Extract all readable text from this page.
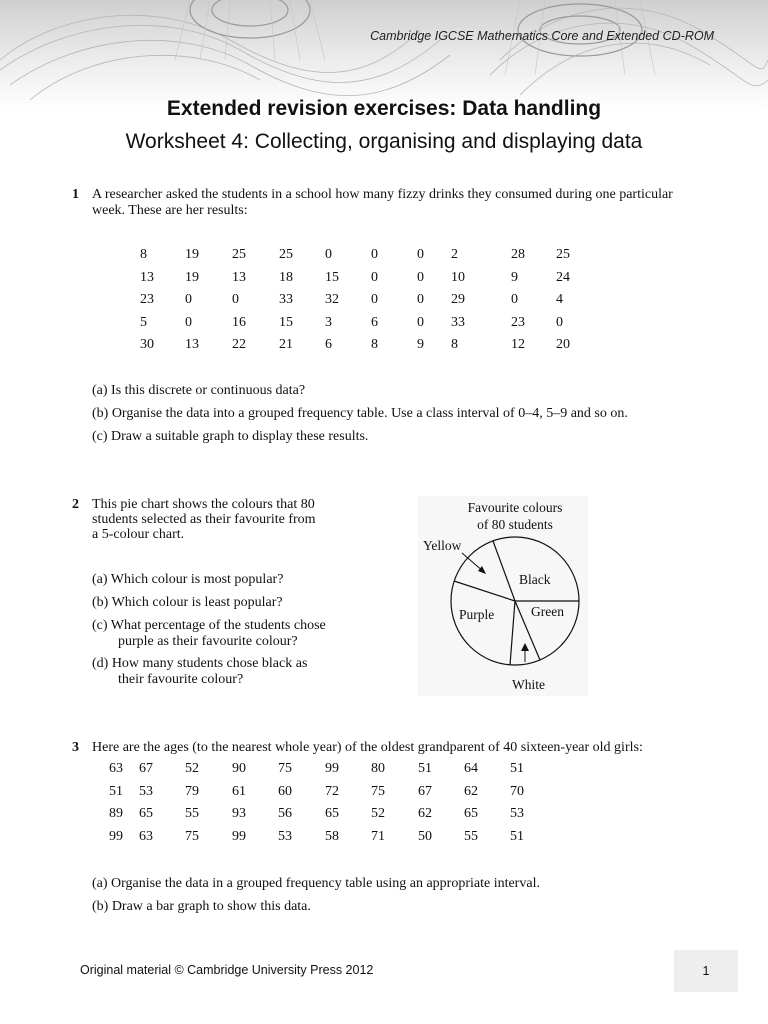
Cambridge IGCSE Mathematics Core and Extended CD-ROM
Extended revision exercises: Data handling
Worksheet 4: Collecting, organising and displaying data
1 A researcher asked the students in a school how many fizzy drinks they consumed during one particular week. These are her results:
8	19 25 25 0	0	0 2	28 25
13 19 13 18 15 0	0 10	9	24
23 0	0	33 32 0	0 29	0	4
5	0	16 15 3	6	0 33	23 0
30 13 22 21 6	8	9 8	12 20
(a) Is this discrete or continuous data?
(b) Organise the data into a grouped frequency table. Use a class interval of 0–4, 5–9 and so on.
(c) Draw a suitable graph to display these results.
2 This pie chart shows the colours that 80 students selected as their favourite from a 5-colour chart.
(a) Which colour is most popular?
(b) Which colour is least popular?
(c) What percentage of the students chose
purple as their favourite colour?
(d) How many students chose black as
their favourite colour?
Favourite colours
of 80 students
Yellow
Black
Green
Purple
White
3 Here are the ages (to the nearest whole year) of the oldest grandparent of 40 sixteen-year old girls:
63 67 52 90 75 99 80 51 64 51
51 53 79 61 60 72 75 67 62 70
89 65 55 93 56 65 52 62 65 53
99 63 75 99 53 58 71 50 55 51
(a) Organise the data in a grouped frequency table using an appropriate interval.
(b) Draw a bar graph to show this data.
Original material © Cambridge University Press 2012	1
